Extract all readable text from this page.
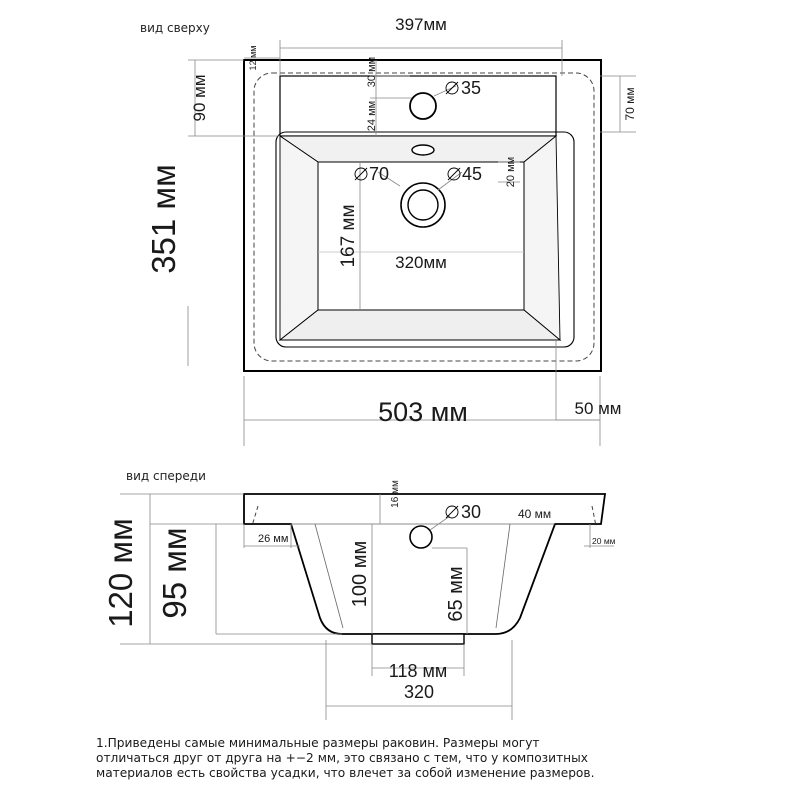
вид сверху	397мм
12 мм
90 мм
30 мм
24 мм
35	70 мм
351 мм	70	45 20 мм
167 мм 320мм
503 мм	50 мм
вид спереди
16 мм
30	40 мм
26 мм	20 мм
120 мм 95 мм	100 мм	65 мм
118 мм
320
1.Приведены самые минимальные размеры раковин. Размеры могут
отличаться друг от друга на +−2 мм, это связано с тем, что у композитных
материалов есть свойства усадки, что влечет за собой изменение размеров.
